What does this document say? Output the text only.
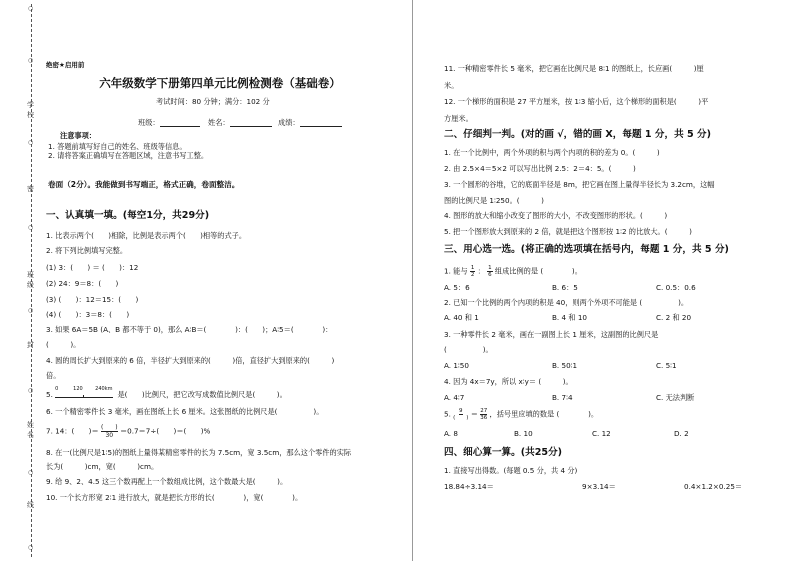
○
○
学校
○
密
○
班级
○
封
○
姓名
○
线
○
绝密★启用前
六年级数学下册第四单元比例检测卷（基础卷）
考试时间：80 分钟；满分：102 分
班级：	姓名：	成绩：
注意事项：
1. 答题前填写好自己的姓名、班级等信息。
2. 请将答案正确填写在答题区域，注意书写工整。
卷面（2分）。我能做到书写端正，格式正确，卷面整洁。
一、认真填一填。(每空1分，共29分)
1. 比表示两个(　　)相除，比例是表示两个(　　)相等的式子。
2. 将下列比例填写完整。
(1) 3：(　　) ＝ (　　)：12
(2) 24：9＝8：(　　)
(3) (　　)：12＝15：(　　)
(4) (　　)：3＝8：(　　)
3. 如果 6A＝5B (A、B 都不等于 0)，那么 A∶B＝(　　　　)：(　　)；A∶5＝(　　　　)：
(　　　)。
4. 圆的周长扩大到原来的 6 倍，半径扩大到原来的(　　　)倍，直径扩大到原来的(　　　)
倍。
5.
0	120 240km
是(　　)比例尺，把它改写成数值比例尺是(　　　)。
6. 一个精密零件长 3 毫米，画在图纸上长 6 厘米。这张图纸的比例尺是(　　　　　)。
7. 14：(　　)＝ (　　)
30 ＝0.7＝7÷(　　)＝(　　)%
8. 在一(比例尺是1∶5)的图纸上量得某精密零件的长为 7.5cm，宽 3.5cm，那么这个零件的实际
长为(　　　)cm，宽(　　　)cm。
9. 给 9、2、4.5 这三个数再配上一个数组成比例，这个数最大是(　　　)。
10. 一个长方形宽 2∶1 进行放大，就是把长方形的长(　　　　)，宽(　　　　)。
11. 一种精密零件长 5 毫米，把它画在比例尺是 8∶1 的图纸上，长应画(　　　)厘
米。
12. 一个梯形的面积是 27 平方厘米，按 1∶3 缩小后，这个梯形的面积是(　　　)平
方厘米。
二、仔细判一判。(对的画 √，错的画 X，每题 1 分，共 5 分)
1. 在一个比例中，两个外项的积与两个内项的积的差为 0。(　　　)
2. 由 2.5×4＝5×2 可以写出比例 2.5：2＝4：5。(　　　)
3. 一个圆形的谷堆，它的底面半径是 8m，把它画在图上量得半径长为 3.2cm，这幅
图的比例尺是 1∶250。(　　　)
4. 图形的放大和缩小改变了图形的大小，不改变图形的形状。(　　　)
5. 把一个图形放大到原来的 2 倍，就是把这个图形按 1∶2 的比放大。(　　　)
三、用心选一选。(将正确的选项填在括号内，每题 1 分，共 5 分)
1. 能与 $\frac{1}{2}$ ： $\frac{1}{6}$ 组成比例的是 (　　　　)。
A. 5：6	B. 6：5	C. 0.5：0.6
2. 已知一个比例的两个内项的积是 40，则两个外项不可能是 (　　　　　)。
A. 40 和 1	B. 4 和 10	C. 2 和 20
3. 一种零件长 2 毫米，画在一副图上长 1 厘米，这副图的比例尺是
(　　　　　)。
A. 1∶50	B. 50∶1	C. 5∶1
4. 因为 4x＝7y，所以 x∶y＝ (　　　)。
A. 4∶7	B. 7∶4	C. 无法判断
5. 9
(　　) ＝ $\frac{27}{36}$ ，括号里应填的数是 (　　　　)。
A. 8	B. 10	C. 12	D. 2
四、细心算一算。(共25分)
1. 直接写出得数。(每题 0.5 分，共 4 分)
18.84÷3.14＝	9×3.14＝	0.4×1.2×0.25＝
